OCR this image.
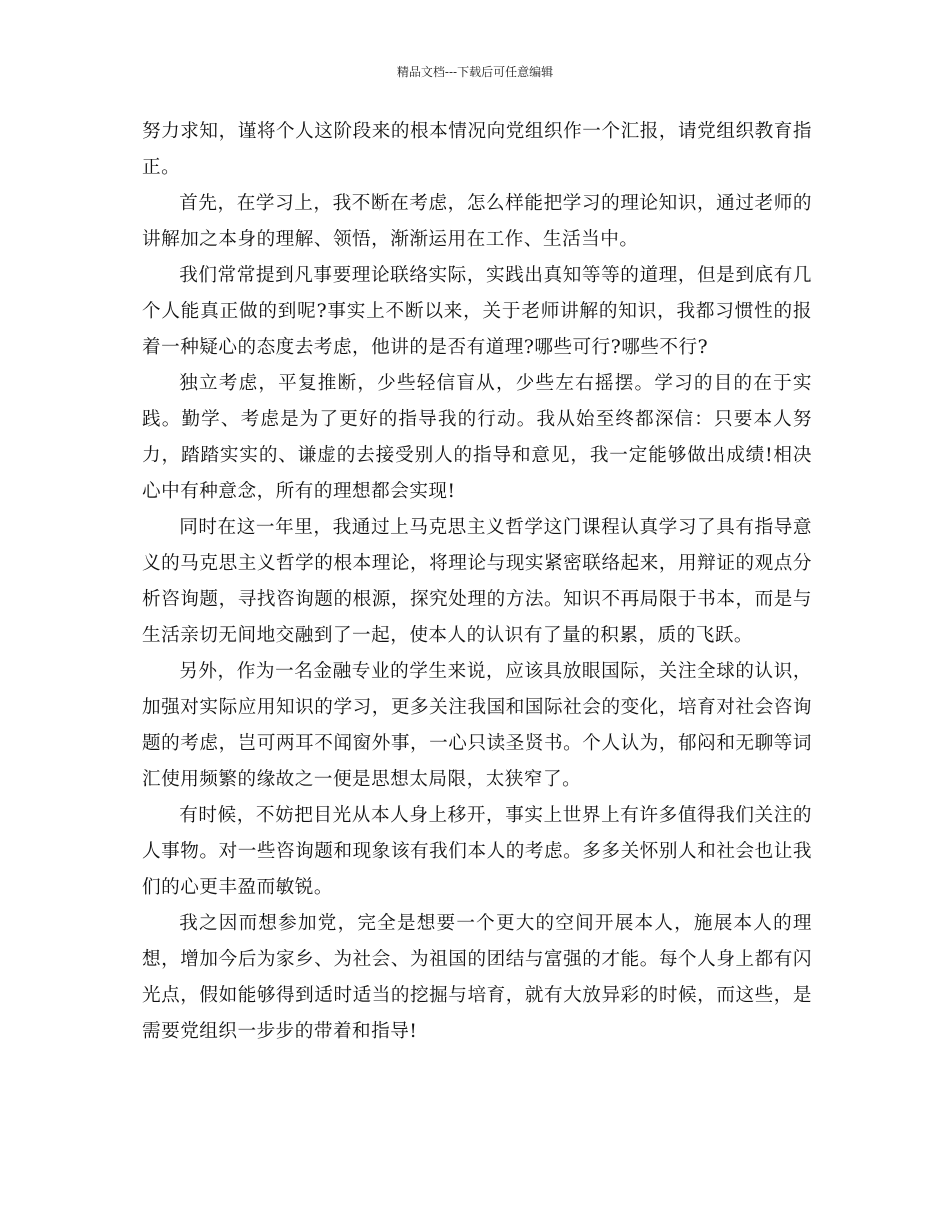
精品文档---下载后可任意编辑

努力求知，谨将个人这阶段来的根本情况向党组织作一个汇报，请党组织教育指正。

首先，在学习上，我不断在考虑，怎么样能把学习的理论知识，通过老师的讲解加之本身的理解、领悟，渐渐运用在工作、生活当中。

我们常常提到凡事要理论联络实际，实践出真知等等的道理，但是到底有几个人能真正做的到呢?事实上不断以来，关于老师讲解的知识，我都习惯性的报着一种疑心的态度去考虑，他讲的是否有道理?哪些可行?哪些不行?

独立考虑，平复推断，少些轻信盲从，少些左右摇摆。学习的目的在于实践。勤学、考虑是为了更好的指导我的行动。我从始至终都深信：只要本人努力，踏踏实实的、谦虚的去接受别人的指导和意见，我一定能够做出成绩!相决心中有种意念，所有的理想都会实现!

同时在这一年里，我通过上马克思主义哲学这门课程认真学习了具有指导意义的马克思主义哲学的根本理论，将理论与现实紧密联络起来，用辩证的观点分析咨询题，寻找咨询题的根源，探究处理的方法。知识不再局限于书本，而是与生活亲切无间地交融到了一起，使本人的认识有了量的积累，质的飞跃。

另外，作为一名金融专业的学生来说，应该具放眼国际，关注全球的认识，加强对实际应用知识的学习，更多关注我国和国际社会的变化，培育对社会咨询题的考虑，岂可两耳不闻窗外事，一心只读圣贤书。个人认为，郁闷和无聊等词汇使用频繁的缘故之一便是思想太局限，太狭窄了。

有时候，不妨把目光从本人身上移开，事实上世界上有许多值得我们关注的人事物。对一些咨询题和现象该有我们本人的考虑。多多关怀别人和社会也让我们的心更丰盈而敏锐。

我之因而想参加党，完全是想要一个更大的空间开展本人，施展本人的理想，增加今后为家乡、为社会、为祖国的团结与富强的才能。每个人身上都有闪光点，假如能够得到适时适当的挖掘与培育，就有大放异彩的时候，而这些，是需要党组织一步步的带着和指导!
